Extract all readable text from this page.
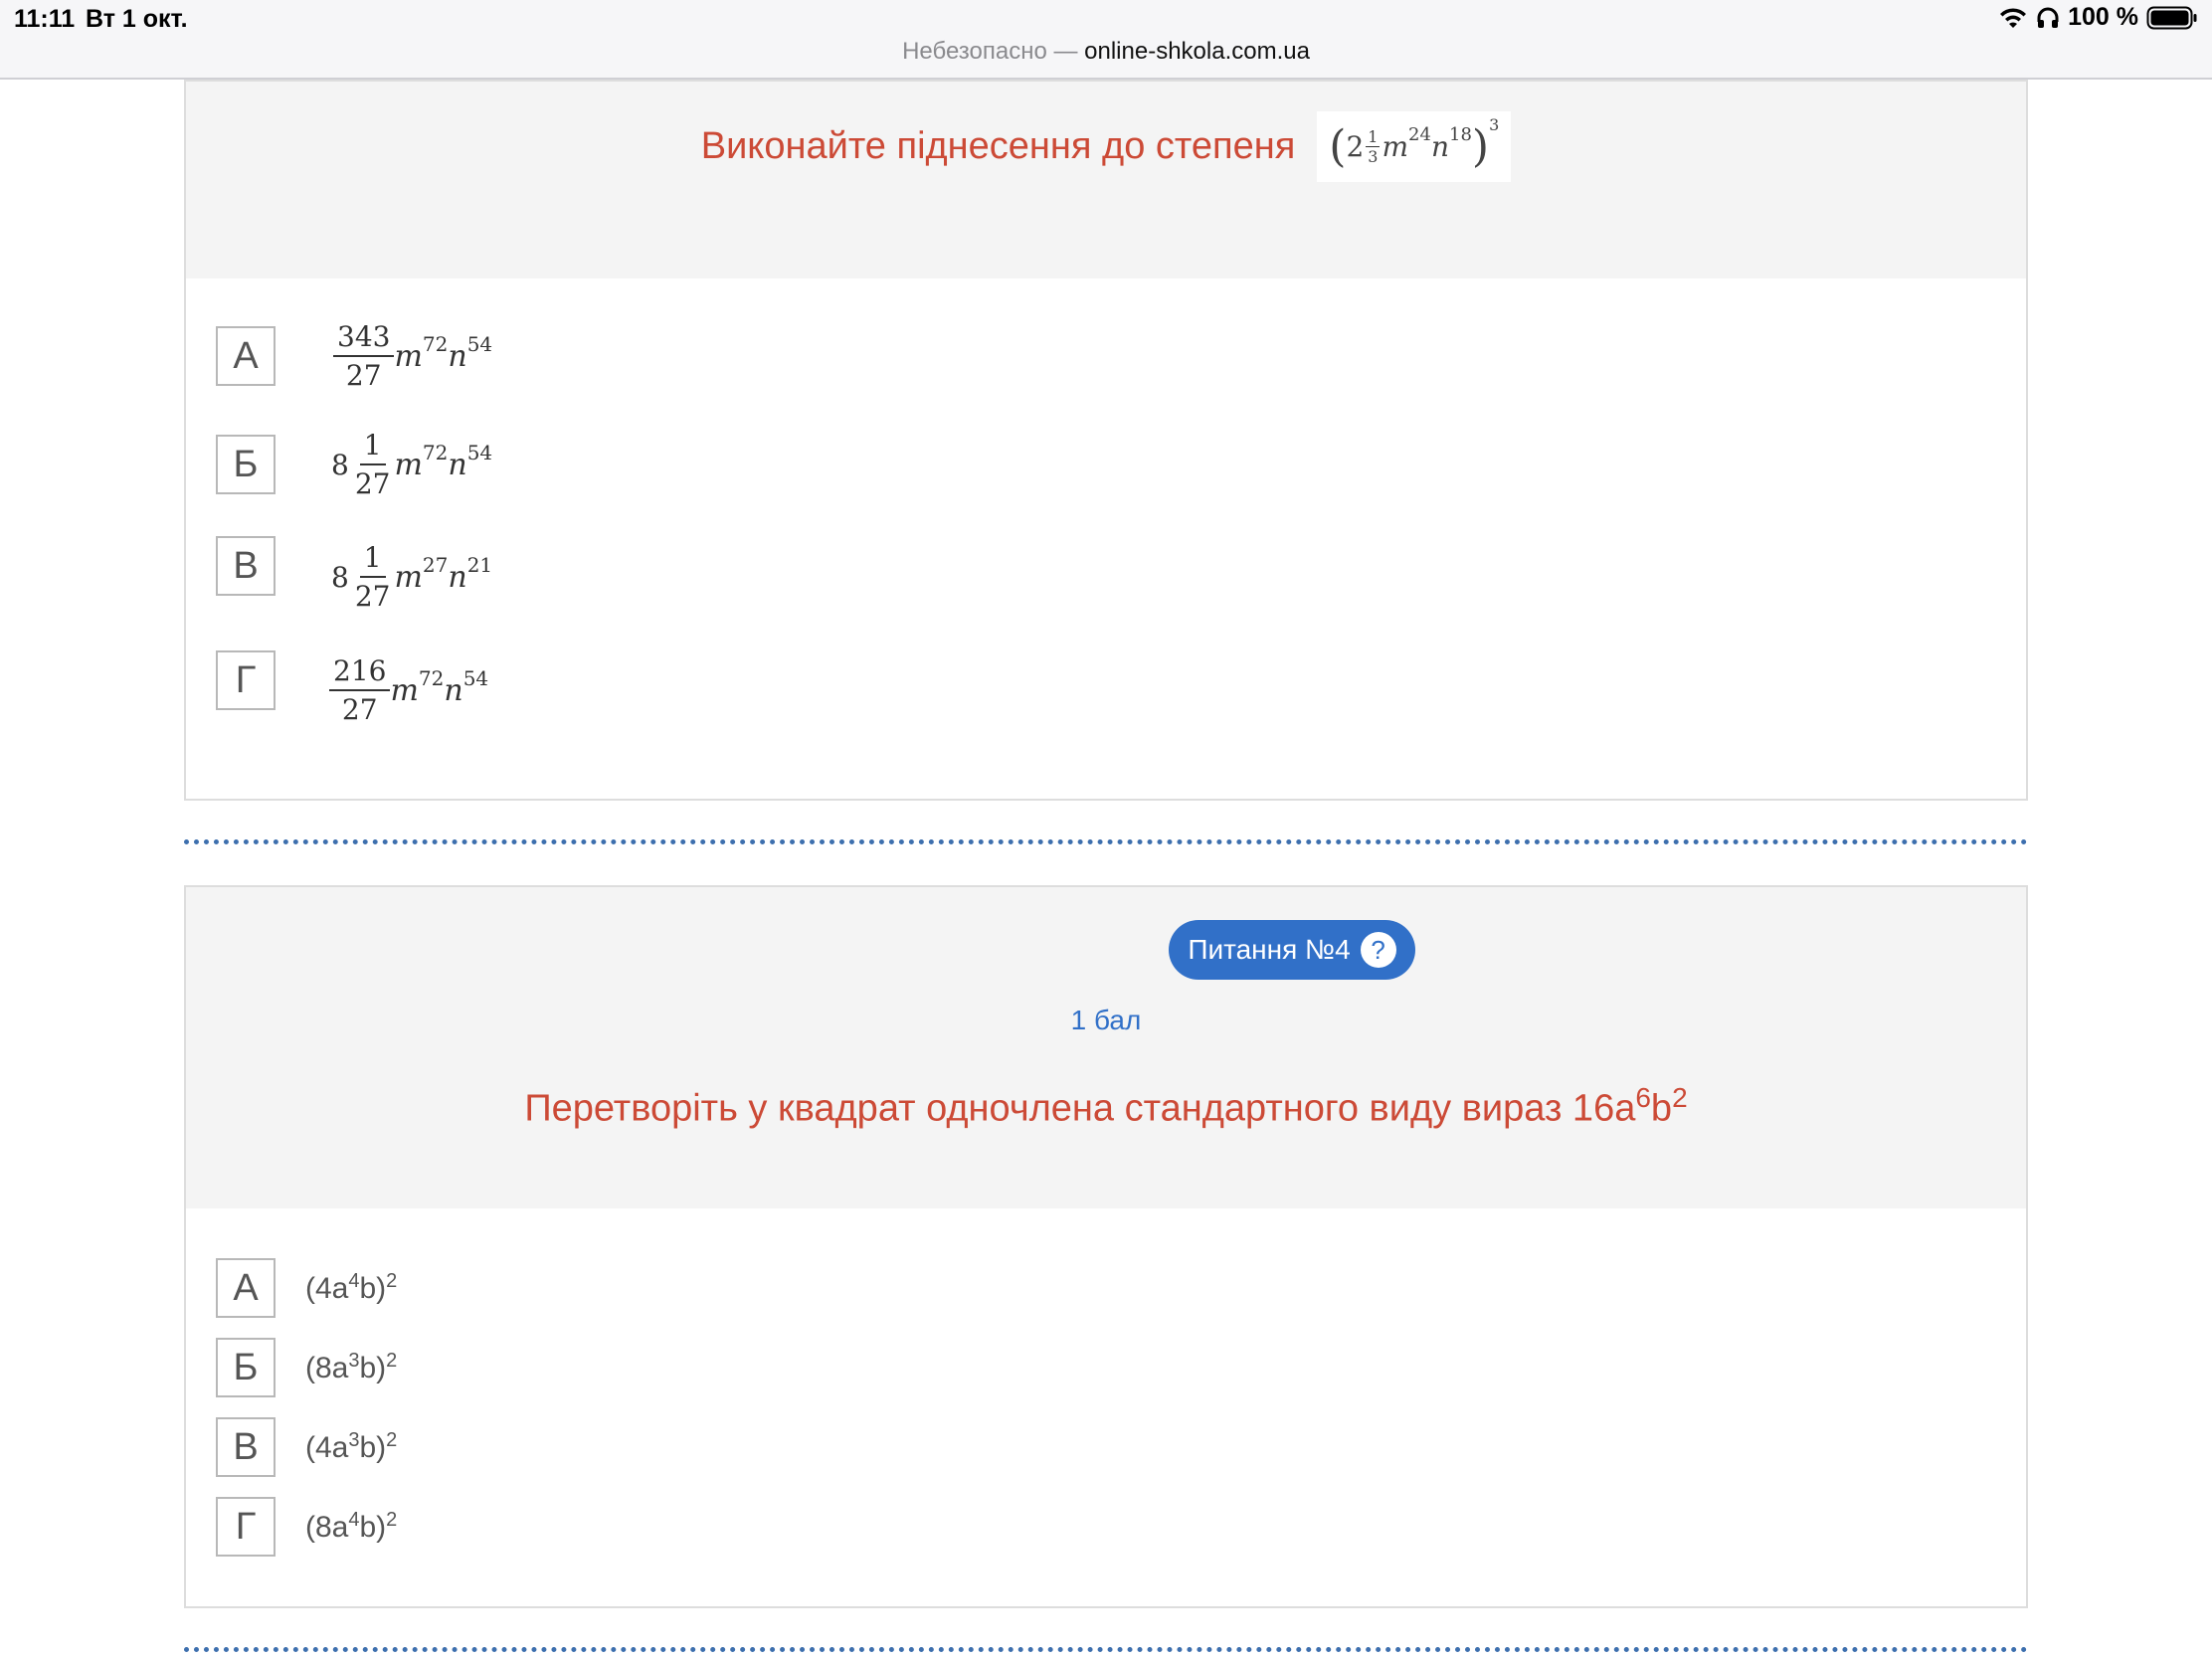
11:11 Вт 1 окт.	100 %
Небезопасно — online-shkola.com.ua
Виконайте піднесення до степеня ( $2 \frac{1}{3}$ m 24 n 18 ) 3
А	$\frac{343}{27}$ m 72 n 54
Б	$8 \frac{1}{27}$ m 72 n 54
В	$8 \frac{1}{27}$ m 27 n 21
Г	$\frac{216}{27}$ m 72 n 54
Питання №4 ?
1 бал
Перетворіть у квадрат одночлена стандартного виду вираз $16a^6b^2$
А	$(4a^4b)^2$
Б	$(8a^3b)^2$
В	$(4a^3b)^2$
Г	$(8a^4b)^2$
